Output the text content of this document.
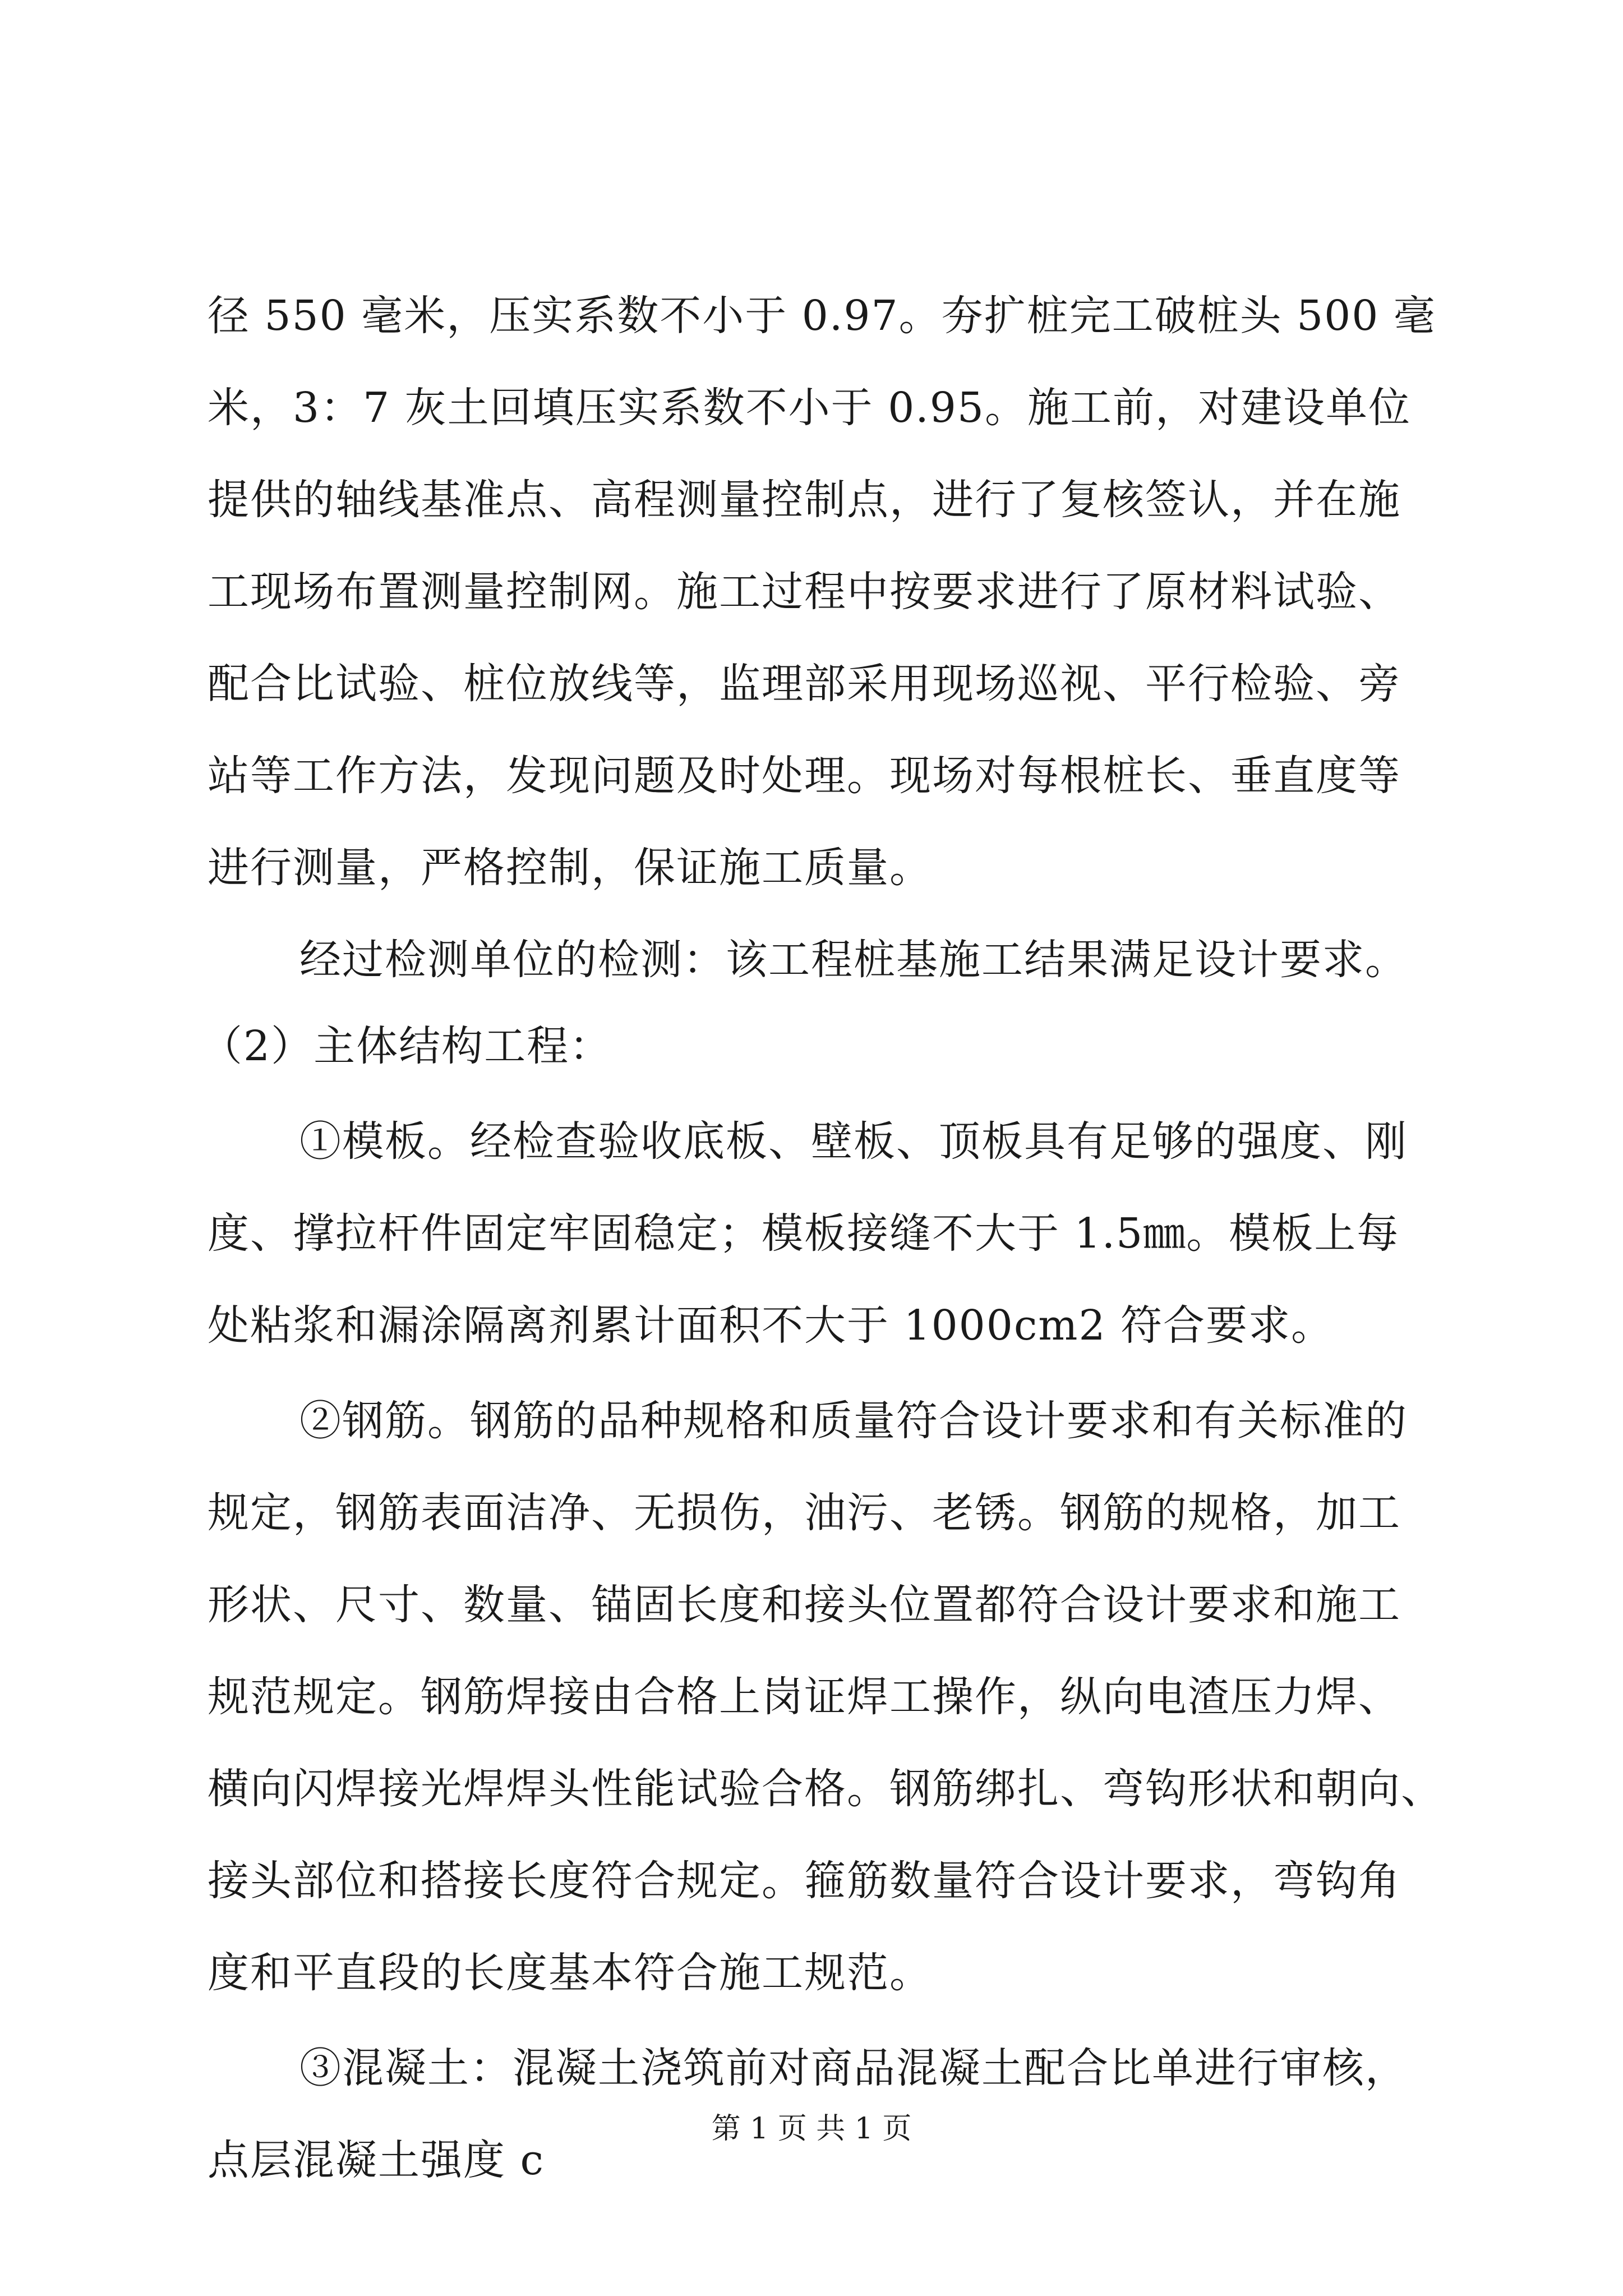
径 550 毫米，压实系数不小于 0.97。夯扩桩完工破桩头 500 毫
米，3：7 灰土回填压实系数不小于 0.95。施工前，对建设单位
提供的轴线基准点、高程测量控制点，进行了复核签认，并在施
工现场布置测量控制网。施工过程中按要求进行了原材料试验、
配合比试验、桩位放线等，监理部采用现场巡视、平行检验、旁
站等工作方法，发现问题及时处理。现场对每根桩长、垂直度等
进行测量，严格控制，保证施工质量。
经过检测单位的检测：该工程桩基施工结果满足设计要求。
（2）主体结构工程：
①模板。经检查验收底板、壁板、顶板具有足够的强度、刚
度、撑拉杆件固定牢固稳定；模板接缝不大于 1.5㎜。模板上每
处粘浆和漏涂隔离剂累计面积不大于 1000cm2 符合要求。
②钢筋。钢筋的品种规格和质量符合设计要求和有关标准的
规定，钢筋表面洁净、无损伤，油污、老锈。钢筋的规格，加工
形状、尺寸、数量、锚固长度和接头位置都符合设计要求和施工
规范规定。钢筋焊接由合格上岗证焊工操作，纵向电渣压力焊、
横向闪焊接光焊焊头性能试验合格。钢筋绑扎、弯钩形状和朝向、
接头部位和搭接长度符合规定。箍筋数量符合设计要求，弯钩角
度和平直段的长度基本符合施工规范。
③混凝土：混凝土浇筑前对商品混凝土配合比单进行审核，
点层混凝土强度 c
第 1 页 共 1 页
